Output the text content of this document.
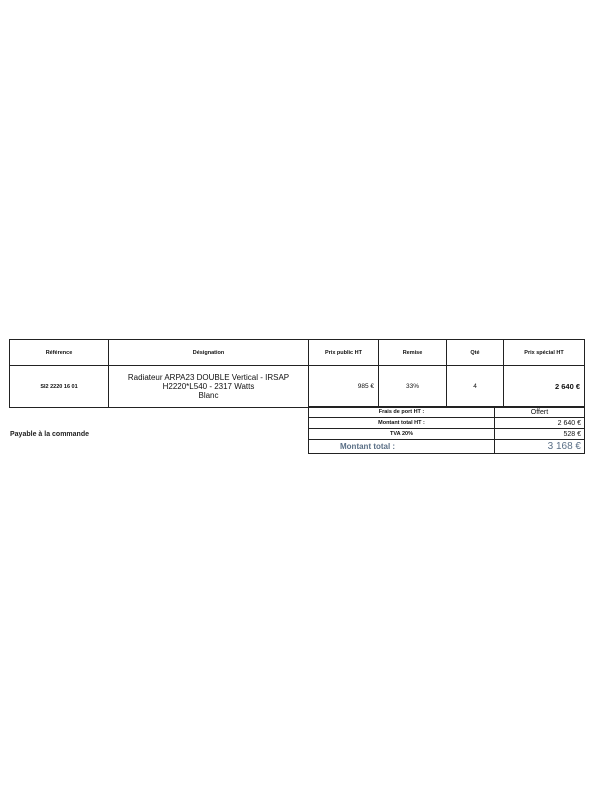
Référence	Désignation	Prix public HT	Remise	Qté	Prix spécial HT
SI2 2220 16 01	Radiateur ARPA23 DOUBLE Vertical - IRSAP
H2220*L540 - 2317 Watts
Blanc	985 €	33%	4	2 640 €
Frais de port HT :	Offert
Montant total HT :	2 640 €
TVA 20%	528 €
Montant total :	3 168 €
Payable à la commande
